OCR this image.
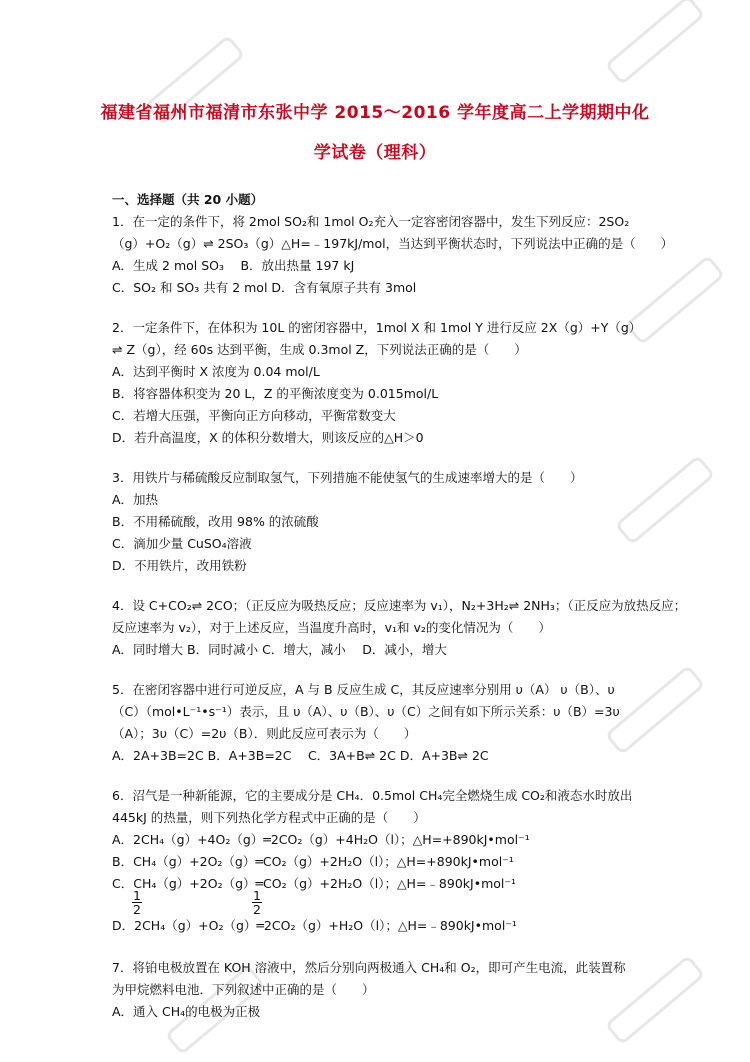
福建省福州市福清市东张中学 2015～2016 学年度高二上学期期中化
学试卷（理科）
一、选择题（共 20 小题）
1．在一定的条件下，将 2mol SO₂和 1mol O₂充入一定容密闭容器中，发生下列反应：2SO₂
（g）+O₂（g）⇌ 2SO₃（g）△H=﹣197kJ/mol，当达到平衡状态时，下列说法中正确的是（　　）
A．生成 2 mol SO₃　 B．放出热量 197 kJ
C．SO₂ 和 SO₃ 共有 2 mol D．含有氧原子共有 3mol
2．一定条件下，在体积为 10L 的密闭容器中，1mol X 和 1mol Y 进行反应 2X（g）+Y（g）
⇌ Z（g），经 60s 达到平衡，生成 0.3mol Z，下列说法正确的是（　　）
A．达到平衡时 X 浓度为 0.04 mol/L
B．将容器体积变为 20 L，Z 的平衡浓度变为 0.015mol/L
C．若增大压强，平衡向正方向移动，平衡常数变大
D．若升高温度，X 的体积分数增大，则该反应的△H＞0
3．用铁片与稀硫酸反应制取氢气，下列措施不能使氢气的生成速率增大的是（　　）
A．加热
B．不用稀硫酸，改用 98% 的浓硫酸
C．滴加少量 CuSO₄溶液
D．不用铁片，改用铁粉
4．设 C+CO₂⇌ 2CO；（正反应为吸热反应；反应速率为 v₁），N₂+3H₂⇌ 2NH₃；（正反应为放热反应；
反应速率为 v₂），对于上述反应，当温度升高时，v₁和 v₂的变化情况为（　　）
A．同时增大 B．同时减小 C．增大，减小　 D．减小，增大
5．在密闭容器中进行可逆反应，A 与 B 反应生成 C，其反应速率分别用 υ（A） υ（B）、υ
（C）（mol•L⁻¹•s⁻¹）表示，且 υ（A）、υ（B）、υ（C）之间有如下所示关系：υ（B）=3υ
（A）；3υ（C）=2υ（B）．则此反应可表示为（　　）
A．2A+3B=2C B．A+3B=2C　 C．3A+B⇌ 2C D．A+3B⇌ 2C
6．沼气是一种新能源，它的主要成分是 CH₄．0.5mol CH₄完全燃烧生成 CO₂和液态水时放出
445kJ 的热量，则下列热化学方程式中正确的是（　　）
A．2CH₄（g）+4O₂（g）═2CO₂（g）+4H₂O（l）；△H=+890kJ•mol⁻¹
B．CH₄（g）+2O₂（g）═CO₂（g）+2H₂O（l）；△H=+890kJ•mol⁻¹
C．CH₄（g）+2O₂（g）═CO₂（g）+2H₂O（l）；△H=﹣890kJ•mol⁻¹
1
2
1
2
D．2CH₄（g）+O₂（g）═2CO₂（g）+H₂O（l）；△H=﹣890kJ•mol⁻¹
7．将铂电极放置在 KOH 溶液中，然后分别向两极通入 CH₄和 O₂，即可产生电流，此装置称
为甲烷燃料电池．下列叙述中正确的是（　　）
A．通入 CH₄的电极为正极
